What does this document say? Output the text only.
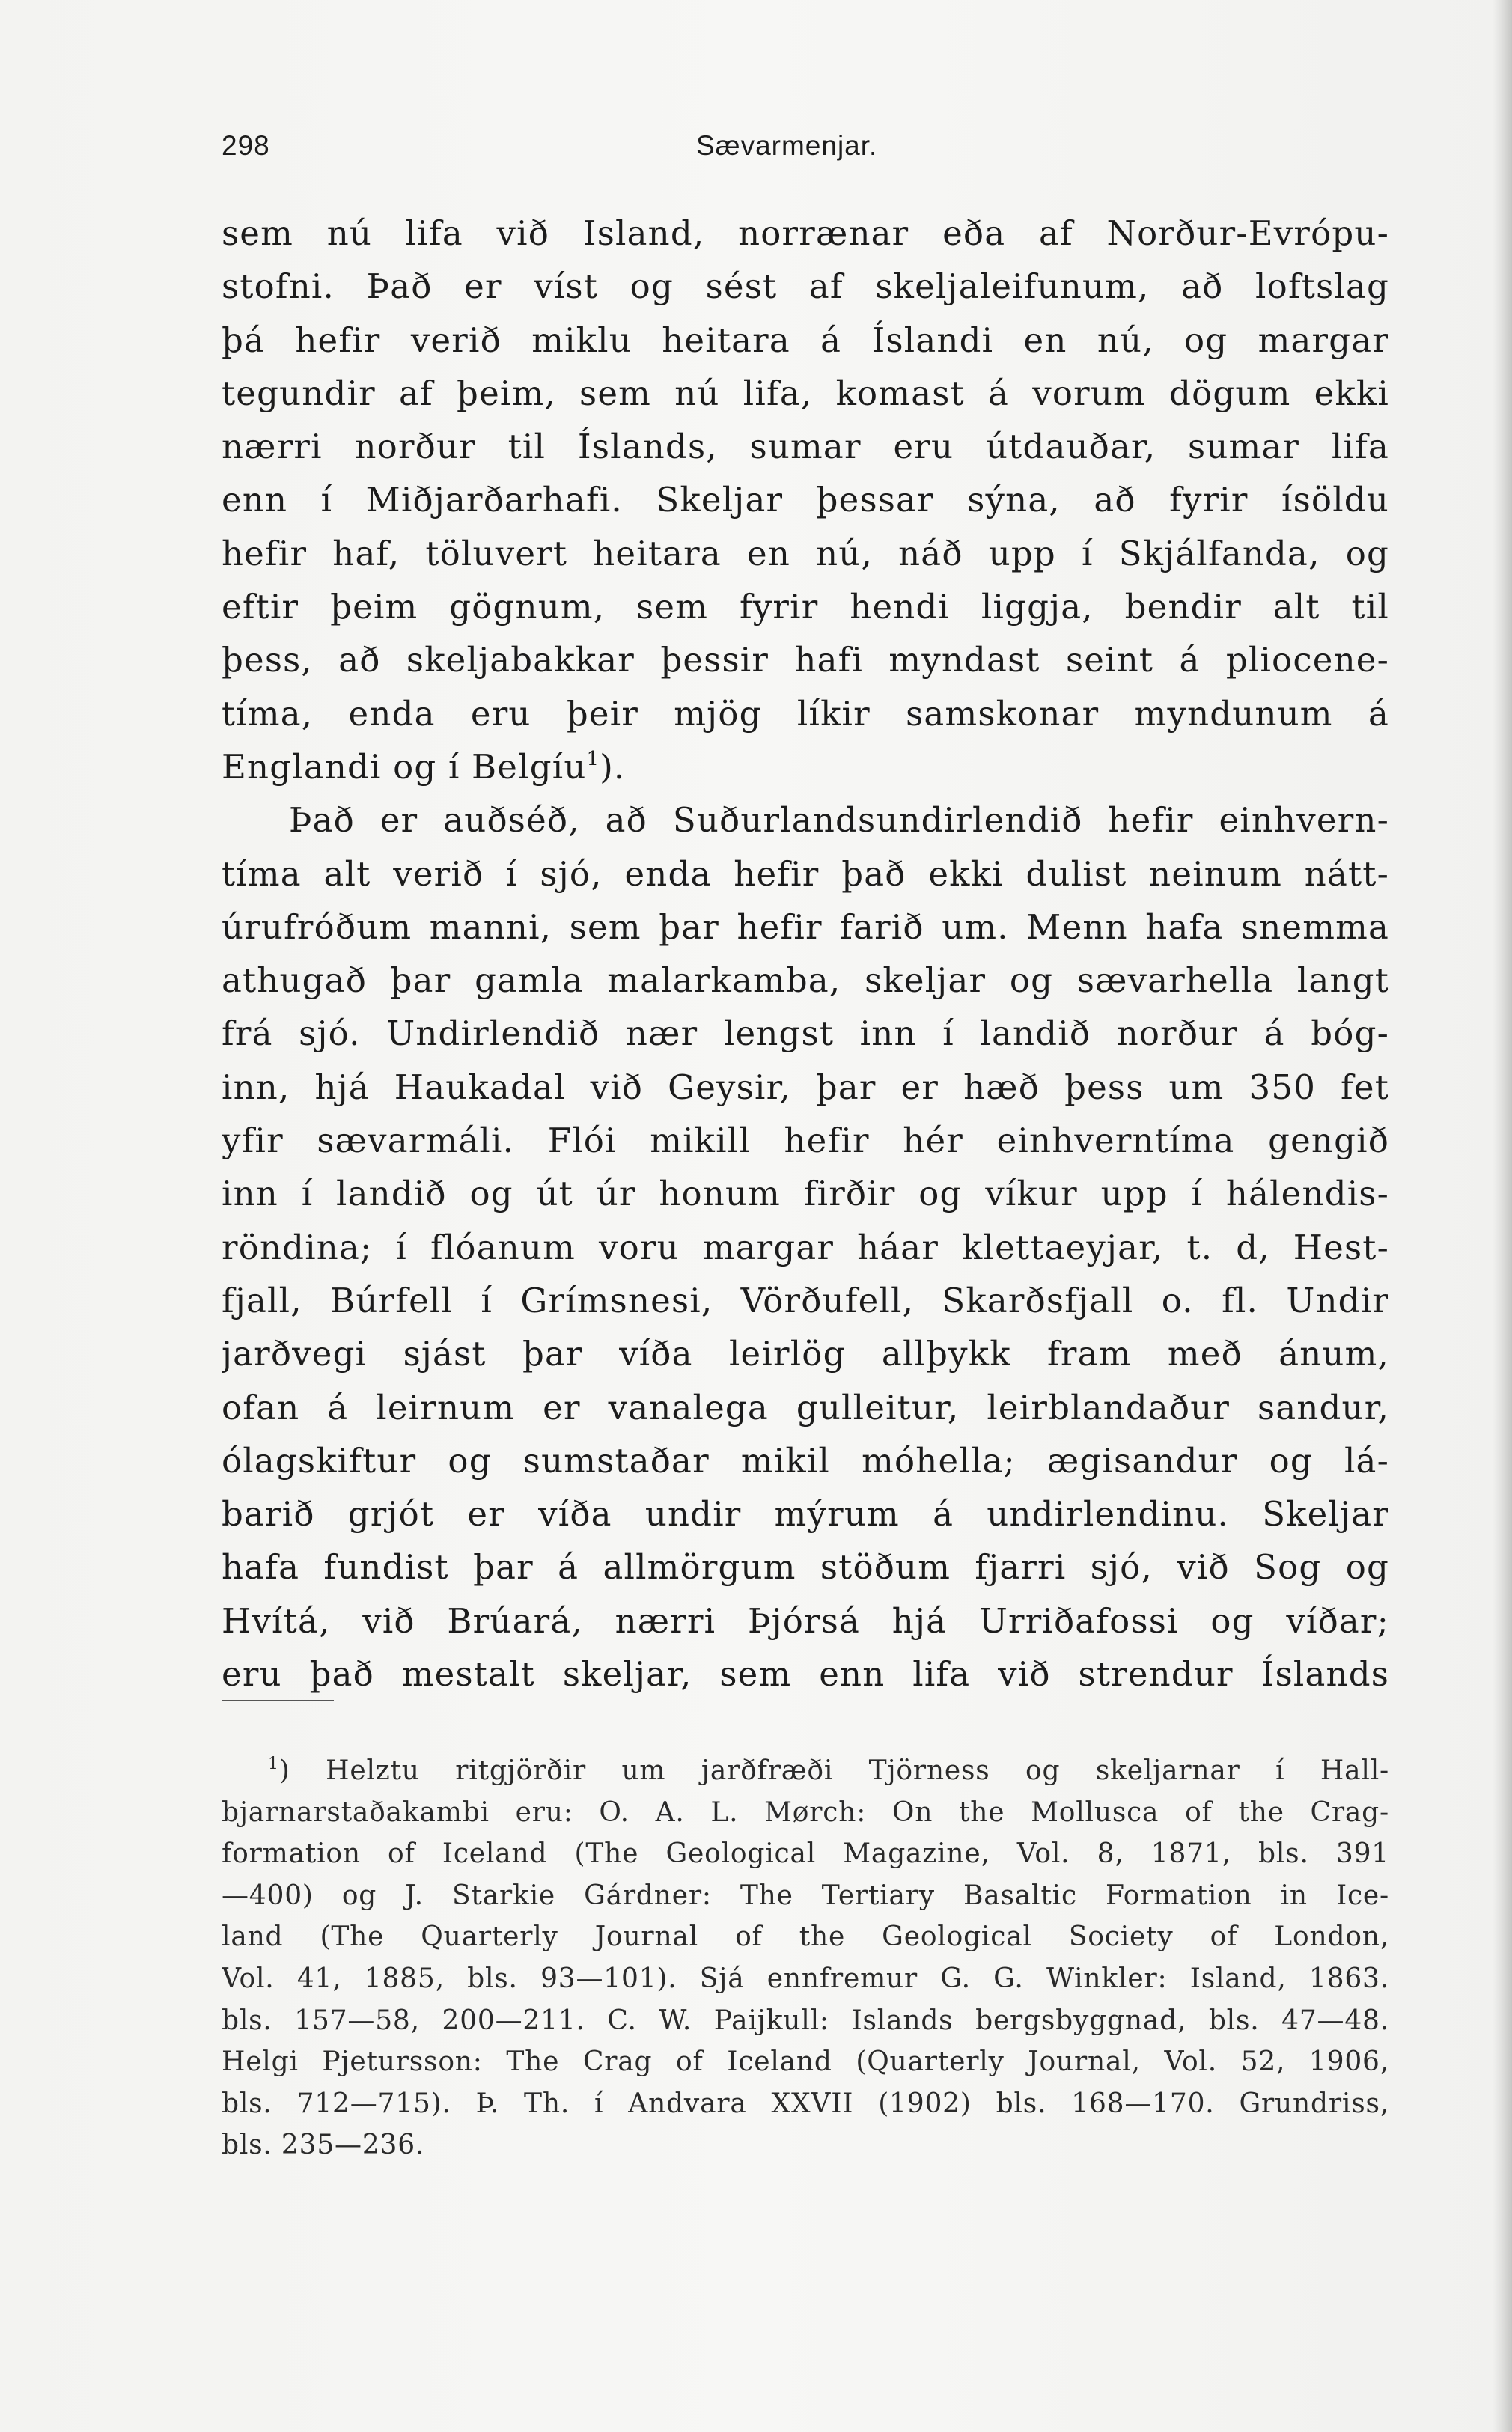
298	Sævarmenjar.
sem nú lifa við Island, norrænar eða af Norður-Evrópu-
stofni. Það er víst og sést af skeljaleifunum, að loftslag
þá hefir verið miklu heitara á Íslandi en nú, og margar
tegundir af þeim, sem nú lifa, komast á vorum dögum ekki
nærri norður til Íslands, sumar eru útdauðar, sumar lifa
enn í Miðjarðarhafi. Skeljar þessar sýna, að fyrir ísöldu
hefir haf, töluvert heitara en nú, náð upp í Skjálfanda, og
eftir þeim gögnum, sem fyrir hendi liggja, bendir alt til
þess, að skeljabakkar þessir hafi myndast seint á pliocene-
tíma, enda eru þeir mjög líkir samskonar myndunum á
Englandi og í Belgíu$^1$).
Það er auðséð, að Suðurlandsundirlendið hefir einhvern-
tíma alt verið í sjó, enda hefir það ekki dulist neinum nátt-
úrufróðum manni, sem þar hefir farið um. Menn hafa snemma
athugað þar gamla malarkamba, skeljar og sævarhella langt
frá sjó. Undirlendið nær lengst inn í landið norður á bóg-
inn, hjá Haukadal við Geysir, þar er hæð þess um 350 fet
yfir sævarmáli. Flói mikill hefir hér einhverntíma gengið
inn í landið og út úr honum firðir og víkur upp í hálendis-
röndina; í flóanum voru margar háar klettaeyjar, t. d, Hest-
fjall, Búrfell í Grímsnesi, Vörðufell, Skarðsfjall o. fl. Undir
jarðvegi sjást þar víða leirlög allþykk fram með ánum,
ofan á leirnum er vanalega gulleitur, leirblandaður sandur,
ólagskiftur og sumstaðar mikil móhella; ægisandur og lá-
barið grjót er víða undir mýrum á undirlendinu. Skeljar
hafa fundist þar á allmörgum stöðum fjarri sjó, við Sog og
Hvítá, við Brúará, nærri Þjórsá hjá Urriðafossi og víðar;
eru það mestalt skeljar, sem enn lifa við strendur Íslands
$^1$) Helztu ritgjörðir um jarðfræði Tjörness og skeljarnar í Hall-
bjarnarstaðakambi eru: O. A. L. Mørch: On the Mollusca of the Crag-
formation of Iceland (The Geological Magazine, Vol. 8, 1871, bls. 391
—400) og J. Starkie Gárdner: The Tertiary Basaltic Formation in Ice-
land (The Quarterly Journal of the Geological Society of London,
Vol. 41, 1885, bls. 93—101). Sjá ennfremur G. G. Winkler: Island, 1863.
bls. 157—58, 200—211. C. W. Paijkull: Islands bergsbyggnad, bls. 47—48.
Helgi Pjetursson: The Crag of Iceland (Quarterly Journal, Vol. 52, 1906,
bls. 712—715). Þ. Th. í Andvara XXVII (1902) bls. 168—170. Grundriss,
bls. 235—236.
